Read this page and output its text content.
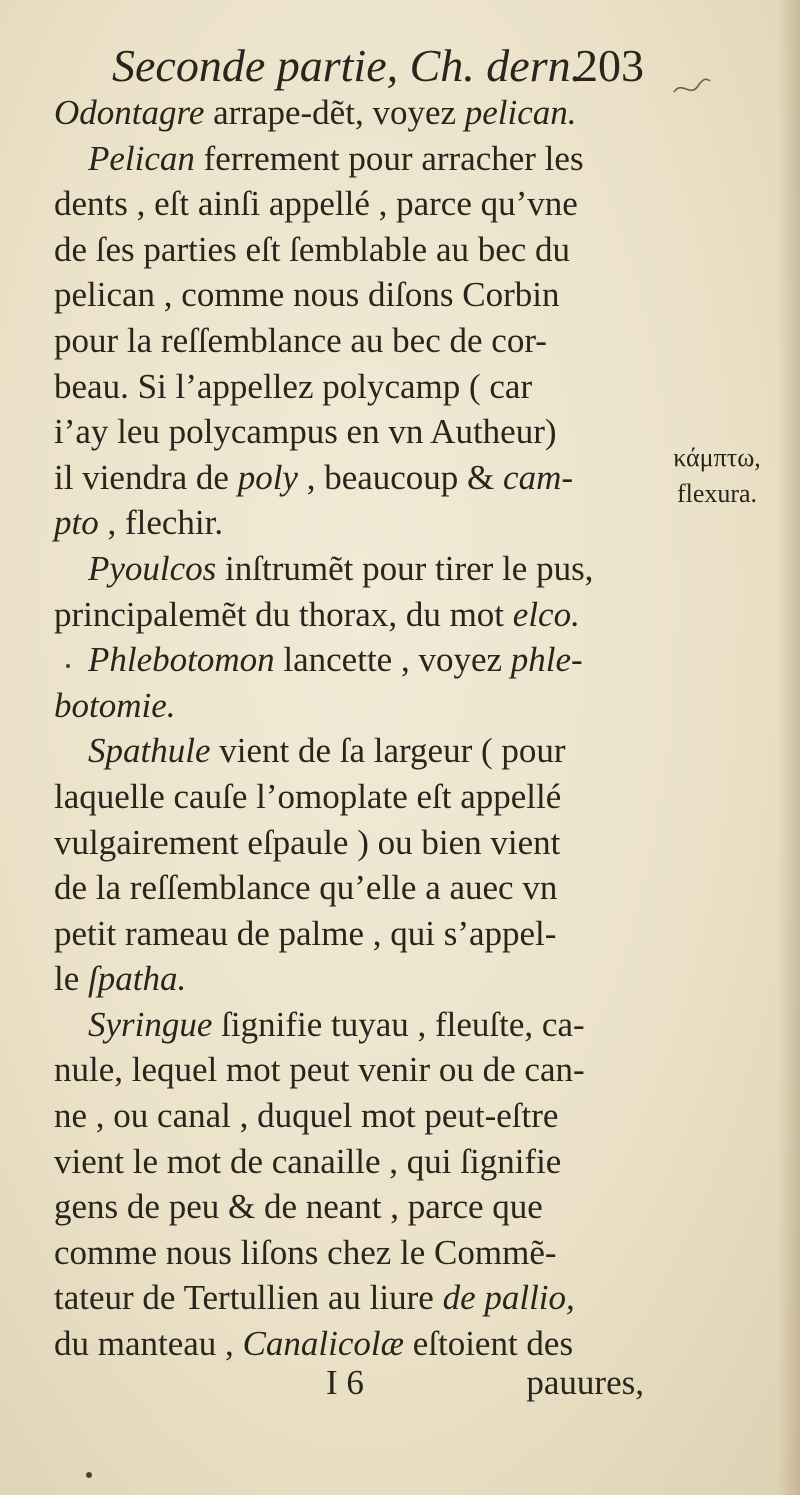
Seconde partie, Ch. dern.
203
Odontagre arrape-dẽt, voyez pelican.
Pelican ferrement pour arracher les
dents , eſt ainſi appellé , parce qu’vne
de ſes parties eſt ſemblable au bec du
pelican , comme nous diſons Corbin
pour la reſſemblance au bec de cor-
beau. Si l’appellez polycamp ( car
i’ay leu polycampus en vn Autheur)
il viendra de poly , beaucoup & cam-
pto , flechir.
Pyoulcos inſtrumẽt pour tirer le pus,
principalemẽt du thorax, du mot elco.
Phlebotomon lancette , voyez phle-
botomie.
Spathule vient de ſa largeur ( pour
laquelle cauſe l’omoplate eſt appellé
vulgairement eſpaule ) ou bien vient
de la reſſemblance qu’elle a auec vn
petit rameau de palme , qui s’appel-
le ſpatha.
Syringue ſignifie tuyau , fleuſte, ca-
nule, lequel mot peut venir ou de can-
ne , ou canal , duquel mot peut-eſtre
vient le mot de canaille , qui ſignifie
gens de peu & de neant , parce que
comme nous liſons chez le Commẽ-
tateur de Tertullien au liure de pallio,
du manteau , Canalicolæ eſtoient des
κάμπτω,
flexura.
I 6	pauures,
